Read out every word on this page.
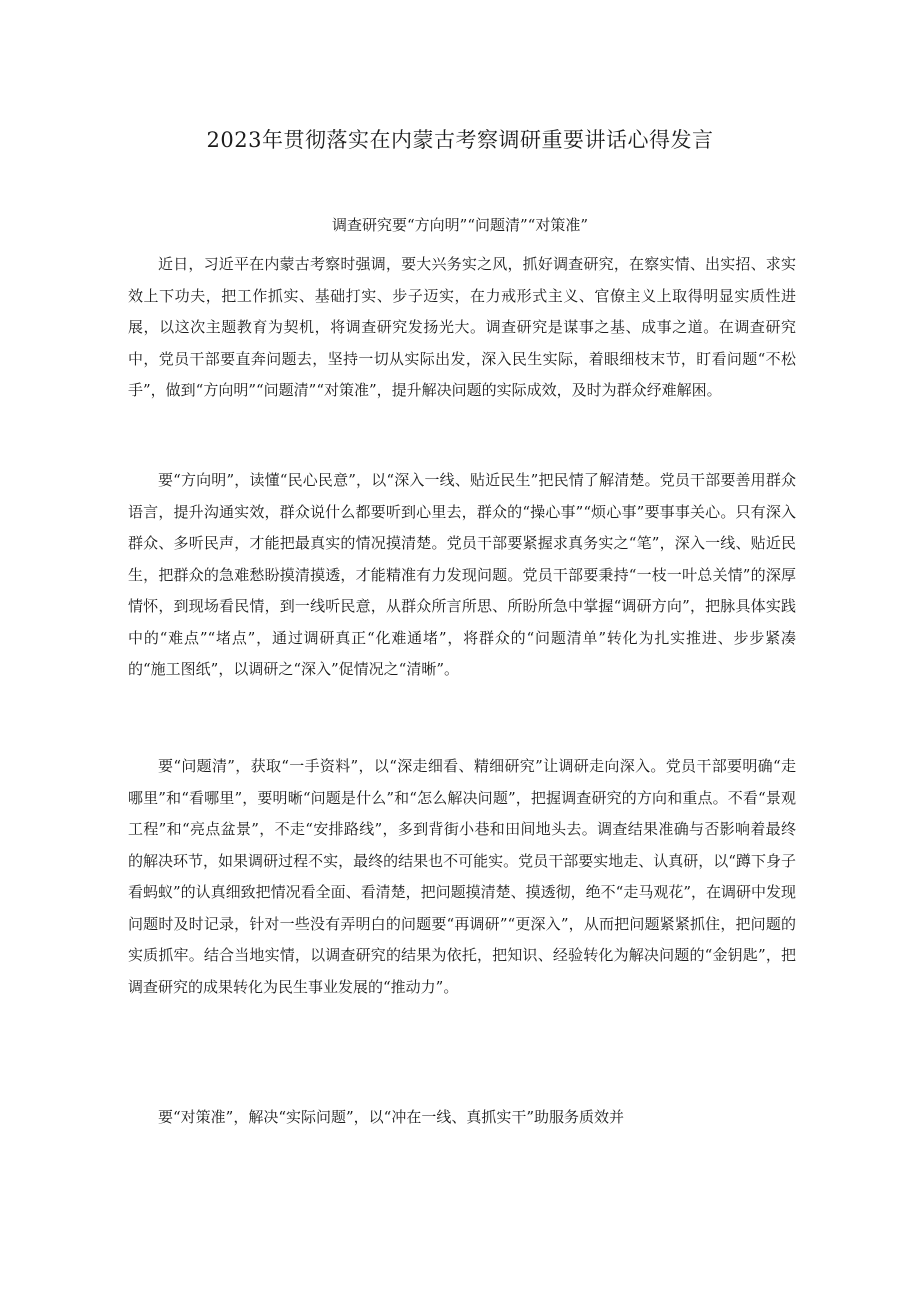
2023年贯彻落实在内蒙古考察调研重要讲话心得发言
调查研究要“方向明”“问题清”“对策准”

近日，习近平在内蒙古考察时强调，要大兴务实之风，抓好调查研究，在察实情、出实招、求实效上下功夫，把工作抓实、基础打实、步子迈实，在力戒形式主义、官僚主义上取得明显实质性进展，以这次主题教育为契机，将调查研究发扬光大。调查研究是谋事之基、成事之道。在调查研究中，党员干部要直奔问题去，坚持一切从实际出发，深入民生实际，着眼细枝末节，盯看问题“不松手”，做到“方向明”“问题清”“对策准”，提升解决问题的实际成效，及时为群众纾难解困。

要“方向明”，读懂“民心民意”，以“深入一线、贴近民生”把民情了解清楚。党员干部要善用群众语言，提升沟通实效，群众说什么都要听到心里去，群众的“操心事”“烦心事”要事事关心。只有深入群众、多听民声，才能把最真实的情况摸清楚。党员干部要紧握求真务实之“笔”，深入一线、贴近民生，把群众的急难愁盼摸清摸透，才能精准有力发现问题。党员干部要秉持“一枝一叶总关情”的深厚情怀，到现场看民情，到一线听民意，从群众所言所思、所盼所急中掌握“调研方向”，把脉具体实践中的“难点”“堵点”，通过调研真正“化难通堵”，将群众的“问题清单”转化为扎实推进、步步紧凑的“施工图纸”，以调研之“深入”促情况之“清晰”。

要“问题清”，获取“一手资料”，以“深走细看、精细研究”让调研走向深入。党员干部要明确“走哪里”和“看哪里”，要明晰“问题是什么”和“怎么解决问题”，把握调查研究的方向和重点。不看“景观工程”和“亮点盆景”，不走“安排路线”，多到背街小巷和田间地头去。调查结果准确与否影响着最终的解决环节，如果调研过程不实，最终的结果也不可能实。党员干部要实地走、认真研，以“蹲下身子看蚂蚁”的认真细致把情况看全面、看清楚，把问题摸清楚、摸透彻，绝不“走马观花”，在调研中发现问题时及时记录，针对一些没有弄明白的问题要“再调研”“更深入”，从而把问题紧紧抓住，把问题的实质抓牢。结合当地实情，以调查研究的结果为依托，把知识、经验转化为解决问题的“金钥匙”，把调查研究的成果转化为民生事业发展的“推动力”。

要“对策准”，解决“实际问题”，以“冲在一线、真抓实干”助服务质效并
